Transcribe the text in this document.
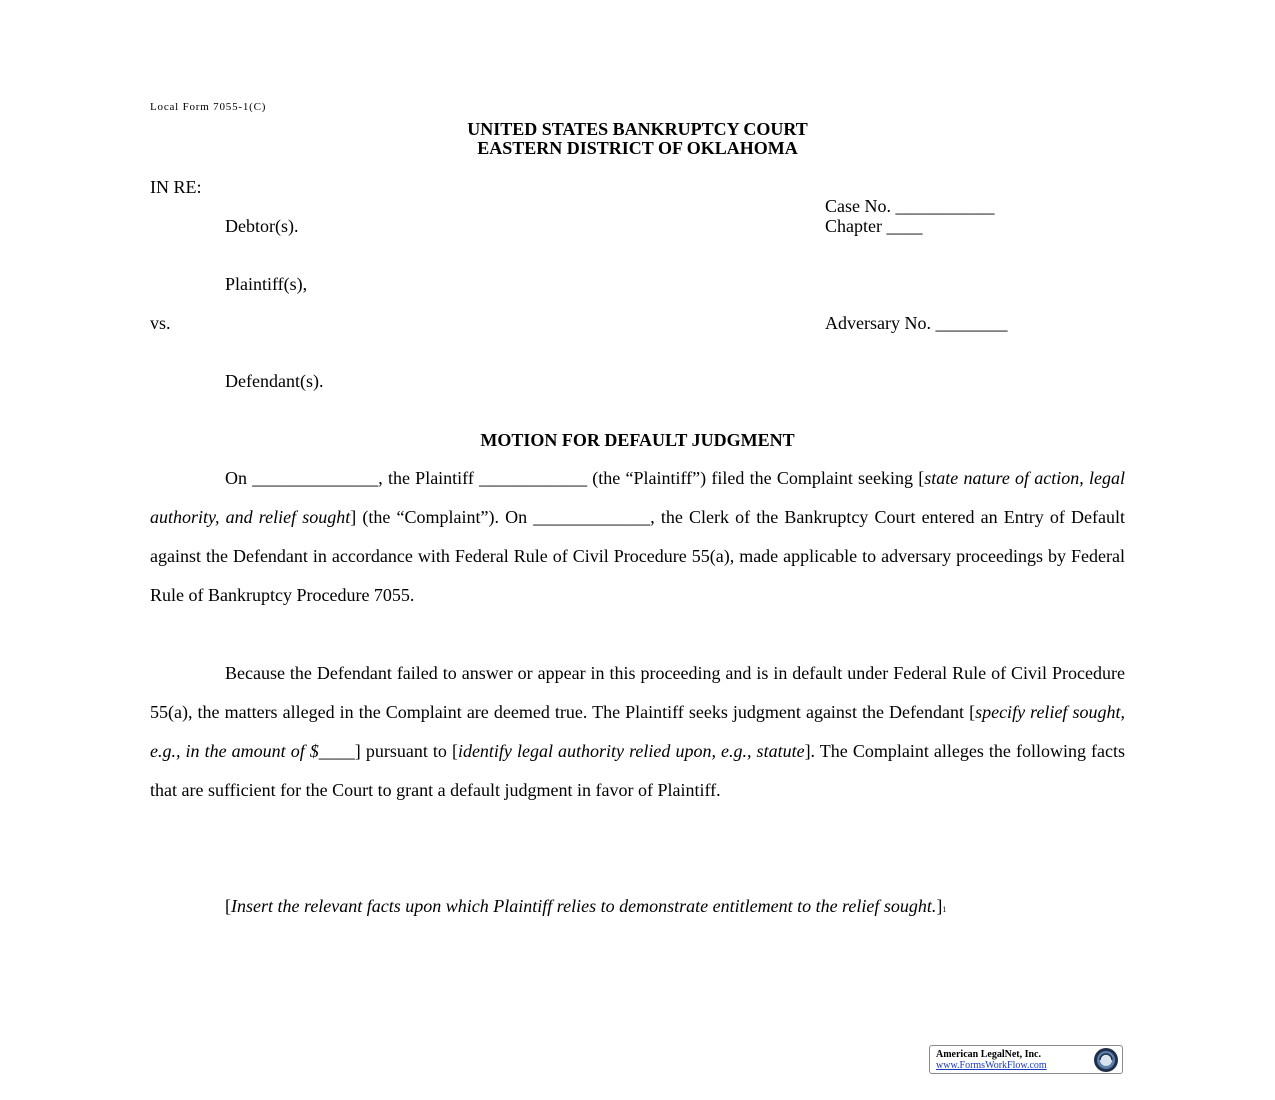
Local Form 7055-1(C)
UNITED STATES BANKRUPTCY COURT
EASTERN DISTRICT OF OKLAHOMA
IN RE:
Case No. ___________
Debtor(s).	Chapter ____
Plaintiff(s),
vs.	Adversary No. ________
Defendant(s).
MOTION FOR DEFAULT JUDGMENT
On ______________, the Plaintiff ____________ (the “Plaintiff”) filed the Complaint seeking [state nature of action, legal authority, and relief sought] (the “Complaint”). On _____________, the Clerk of the Bankruptcy Court entered an Entry of Default against the Defendant in accordance with Federal Rule of Civil Procedure 55(a), made applicable to adversary proceedings by Federal Rule of Bankruptcy Procedure 7055.
Because the Defendant failed to answer or appear in this proceeding and is in default under Federal Rule of Civil Procedure 55(a), the matters alleged in the Complaint are deemed true. The Plaintiff seeks judgment against the Defendant [specify relief sought, e.g., in the amount of $____] pursuant to [identify legal authority relied upon, e.g., statute]. The Complaint alleges the following facts that are sufficient for the Court to grant a default judgment in favor of Plaintiff.
[Insert the relevant facts upon which Plaintiff relies to demonstrate entitlement to the relief sought.]1
American LegalNet, Inc.
www.FormsWorkFlow.com
